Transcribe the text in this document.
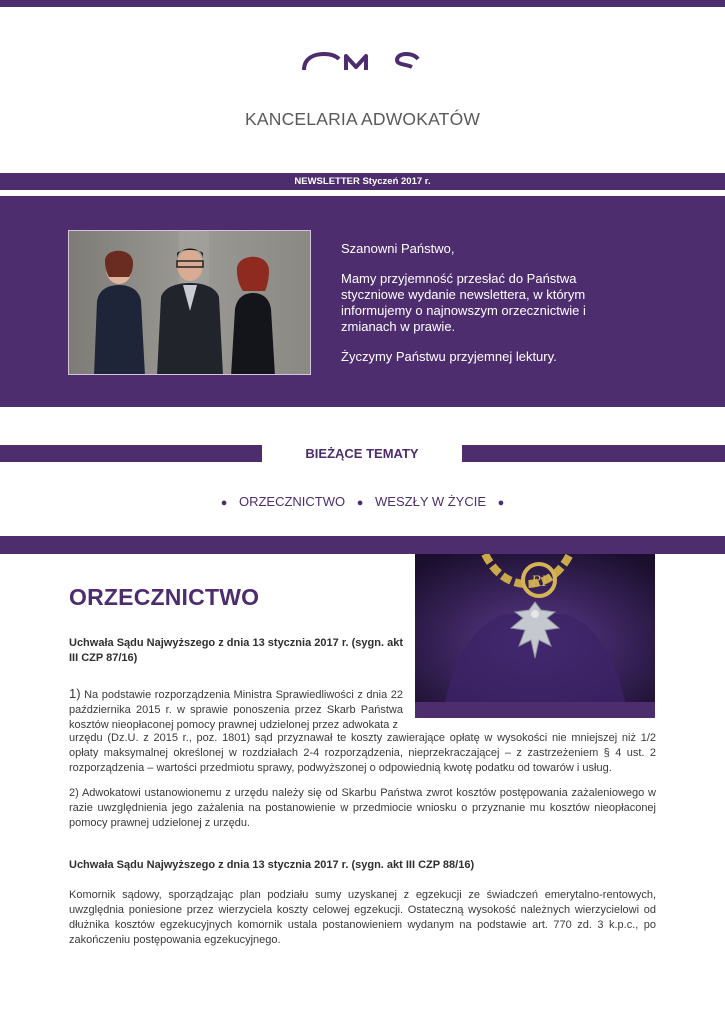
KANCELARIA ADWOKATÓW
NEWSLETTER Styczeń 2017 r.

Szanowni Państwo,

Mamy przyjemność przesłać do Państwa styczniowe wydanie newslettera, w którym informujemy o najnowszym orzecznictwie i zmianach w prawie.

Życzymy Państwu przyjemnej lektury.

BIEŻĄCE TEMATY
● ORZECZNICTWO ● WESZŁY W ŻYCIE ●
RP
ORZECZNICTWO
Uchwała Sądu Najwyższego z dnia 13 stycznia 2017 r. (sygn. akt III CZP 87/16)
1) Na podstawie rozporządzenia Ministra Sprawiedliwości z dnia 22 października 2015 r. w sprawie ponoszenia przez Skarb Państwa kosztów nieopłaconej pomocy prawnej udzielonej przez adwokata z
urzędu (Dz.U. z 2015 r., poz. 1801) sąd przyznawał te koszty zawierające opłatę w wysokości nie mniejszej niż 1/2 opłaty maksymalnej określonej w rozdziałach 2-4 rozporządzenia, nieprzekraczającej – z zastrzeżeniem § 4 ust. 2 rozporządzenia – wartości przedmiotu sprawy, podwyższonej o odpowiednią kwotę podatku od towarów i usług.
2) Adwokatowi ustanowionemu z urzędu należy się od Skarbu Państwa zwrot kosztów postępowania zażaleniowego w razie uwzględnienia jego zażalenia na postanowienie w przedmiocie wniosku o przyznanie mu kosztów nieopłaconej pomocy prawnej udzielonej z urzędu.
Uchwała Sądu Najwyższego z dnia 13 stycznia 2017 r. (sygn. akt III CZP 88/16)
Komornik sądowy, sporządzając plan podziału sumy uzyskanej z egzekucji ze świadczeń emerytalno-rentowych, uwzględnia poniesione przez wierzyciela koszty celowej egzekucji. Ostateczną wysokość należnych wierzycielowi od dłużnika kosztów egzekucyjnych komornik ustala postanowieniem wydanym na podstawie art. 770 zd. 3 k.p.c., po zakończeniu postępowania egzekucyjnego.
